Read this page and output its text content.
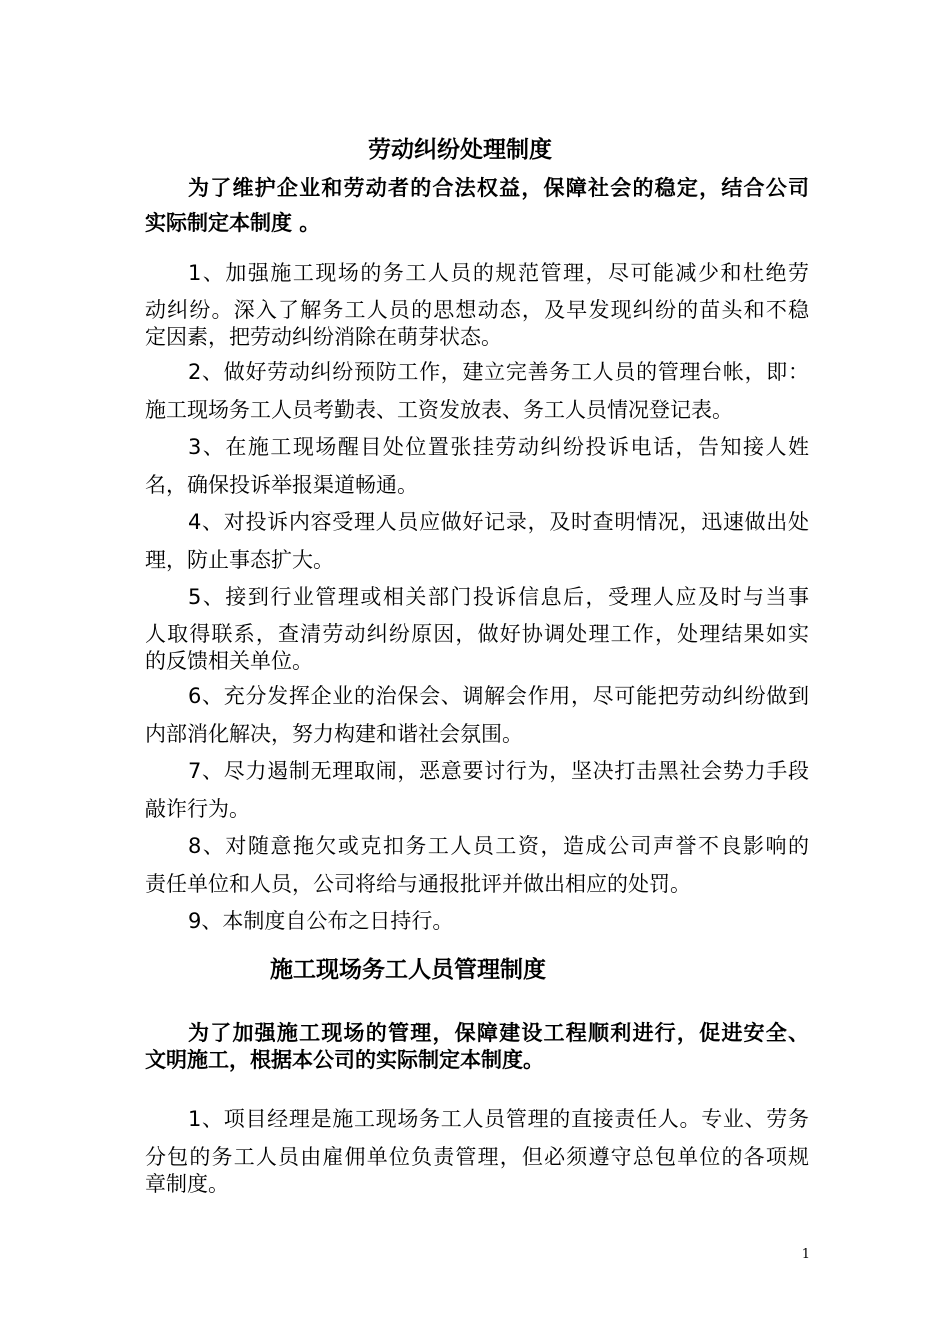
劳动纠纷处理制度
为了维护企业和劳动者的合法权益，保障社会的稳定，结合公司
实际制定本制度 。
1、加强施工现场的务工人员的规范管理，尽可能减少和杜绝劳
动纠纷。深入了解务工人员的思想动态，及早发现纠纷的苗头和不稳
定因素，把劳动纠纷消除在萌芽状态。
2、做好劳动纠纷预防工作，建立完善务工人员的管理台帐，即：
施工现场务工人员考勤表、工资发放表、务工人员情况登记表。
3、在施工现场醒目处位置张挂劳动纠纷投诉电话，告知接人姓
名，确保投诉举报渠道畅通。
4、对投诉内容受理人员应做好记录，及时查明情况，迅速做出处
理，防止事态扩大。
5、接到行业管理或相关部门投诉信息后，受理人应及时与当事
人取得联系，查清劳动纠纷原因，做好协调处理工作，处理结果如实
的反馈相关单位。
6、充分发挥企业的治保会、调解会作用，尽可能把劳动纠纷做到
内部消化解决，努力构建和谐社会氛围。
7、尽力遏制无理取闹，恶意要讨行为，坚决打击黑社会势力手段
敲诈行为。
8、对随意拖欠或克扣务工人员工资，造成公司声誉不良影响的
责任单位和人员，公司将给与通报批评并做出相应的处罚。
9、本制度自公布之日持行。
施工现场务工人员管理制度
为了加强施工现场的管理，保障建设工程顺利进行，促进安全、
文明施工，根据本公司的实际制定本制度。
1、项目经理是施工现场务工人员管理的直接责任人。专业、劳务
分包的务工人员由雇佣单位负责管理，但必须遵守总包单位的各项规
章制度。
1
